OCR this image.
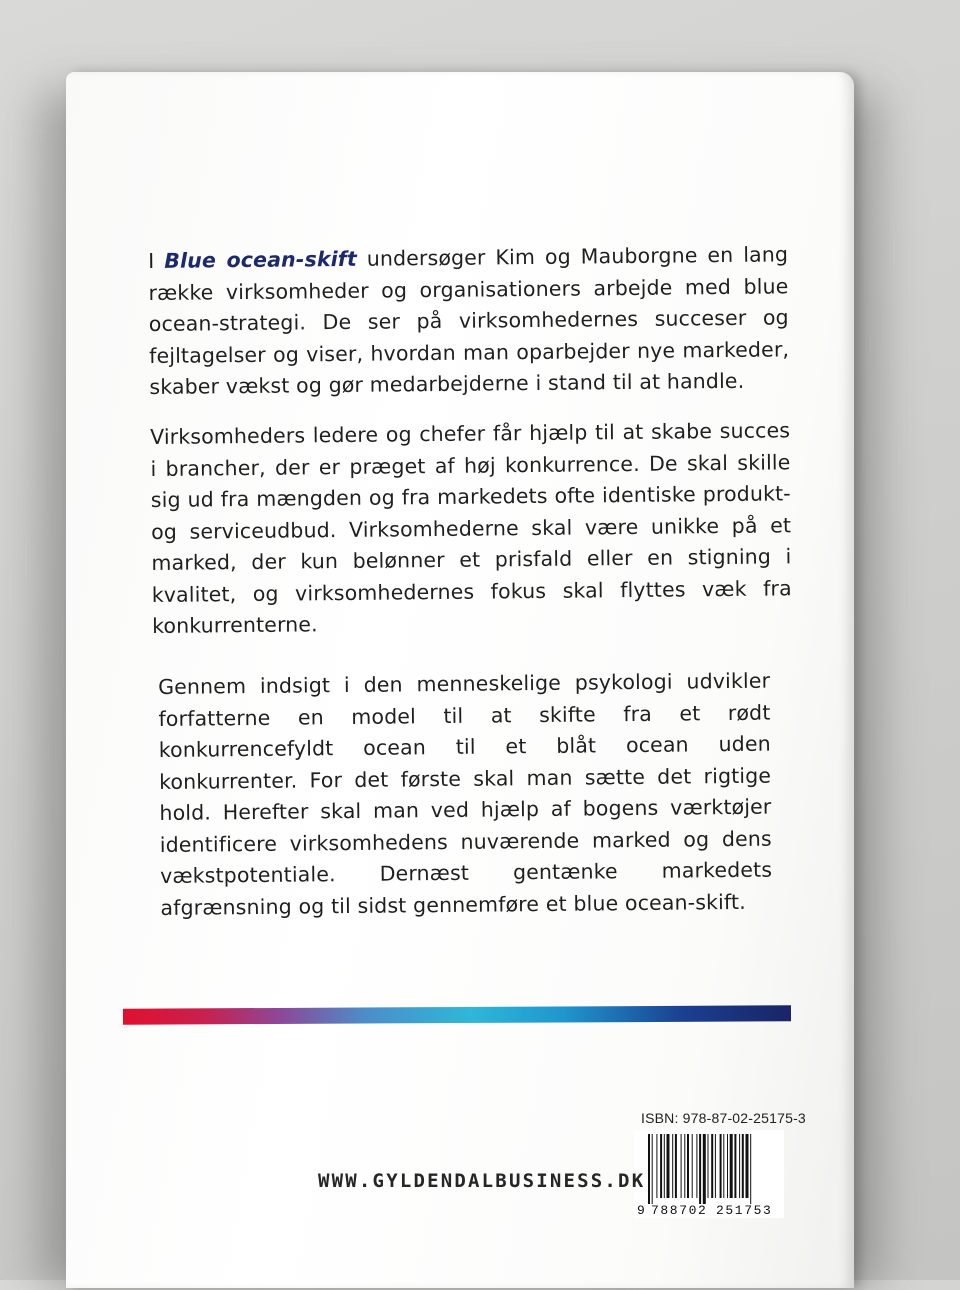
I Blue ocean-skift undersøger Kim og Mauborgne en lang række virksomheder og organisationers arbejde med blue ocean-strategi. De ser på virksomhedernes succeser og fejltagelser og viser, hvordan man oparbejder nye markeder, skaber vækst og gør medarbejderne i stand til at handle.

Virksomheders ledere og chefer får hjælp til at skabe succes i brancher, der er præget af høj konkurrence. De skal skille sig ud fra mængden og fra markedets ofte identiske produkt- og serviceudbud. Virksomhederne skal være unikke på et marked, der kun belønner et prisfald eller en stigning i kvalitet, og virksomhedernes fokus skal flyttes væk fra konkurrenterne.

Gennem indsigt i den menneskelige psykologi udvikler forfatterne en model til at skifte fra et rødt konkurrencefyldt ocean til et blåt ocean uden konkurrenter. For det første skal man sætte det rigtige hold. Herefter skal man ved hjælp af bogens værktøjer identificere virksomhedens nuværende marked og dens vækstpotentiale. Dernæst gentænke markedets afgrænsning og til sidst gennemføre et blue ocean-skift.

ISBN: 978-87-02-25175-3
9 788702 251753
WWW.GYLDENDALBUSINESS.DK
